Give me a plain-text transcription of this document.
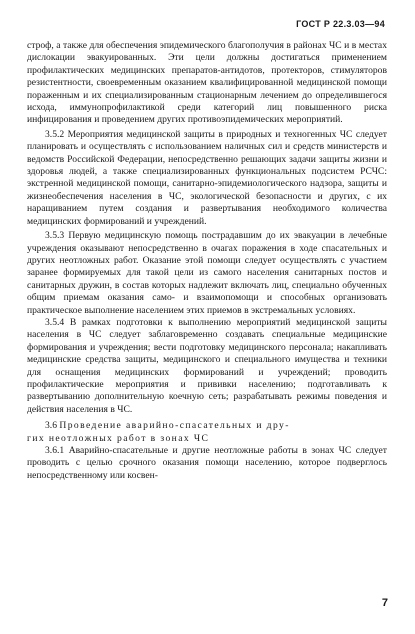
ГОСТ Р 22.3.03—94

строф, а также для обеспечения эпидемического благополучия в районах ЧС и в местах дислокации эвакуированных. Эти цели должны достигаться применением профилактических медицинских препаратов-антидотов, протекторов, стимуляторов резистентности, своевременным оказанием квалифицированной медицинской помощи пораженным и их специализированным стационарным лечением до определившегося исхода, иммунопрофилактикой среди категорий лиц повышенного риска инфицирования и проведением других противоэпидемических мероприятий.

3.5.2 Мероприятия медицинской защиты в природных и техногенных ЧС следует планировать и осуществлять с использованием наличных сил и средств министерств и ведомств Российской Федерации, непосредственно решающих задачи защиты жизни и здоровья людей, а также специализированных функциональных подсистем РСЧС: экстренной медицинской помощи, санитарно-эпидемиологического надзора, защиты и жизнеобеспечения населения в ЧС, экологической безопасности и других, с их наращиванием путем создания и развертывания необходимого количества медицинских формирований и учреждений.

3.5.3 Первую медицинскую помощь пострадавшим до их эвакуации в лечебные учреждения оказывают непосредственно в очагах поражения в ходе спасательных и других неотложных работ. Оказание этой помощи следует осуществлять с участием заранее формируемых для такой цели из самого населения санитарных постов и санитарных дружин, в состав которых надлежит включать лиц, специально обученных общим приемам оказания само- и взаимопомощи и способных организовать практическое выполнение населением этих приемов в экстремальных условиях.

3.5.4 В рамках подготовки к выполнению мероприятий медицинской защиты населения в ЧС следует заблаговременно создавать специальные медицинские формирования и учреждения; вести подготовку медицинского персонала; накапливать медицинские средства защиты, медицинского и специального имущества и техники для оснащения медицинских формирований и учреждений; проводить профилактические мероприятия и прививки населению; подготавливать к развертыванию дополнительную коечную сеть; разрабатывать режимы поведения и действия населения в ЧС.

3.6 Проведение аварийно-спасательных и дру-
гих неотложных работ в зонах ЧС

3.6.1 Аварийно-спасательные и другие неотложные работы в зонах ЧС следует проводить с целью срочного оказания помощи населению, которое подверглось непосредственному или косвен-

7
